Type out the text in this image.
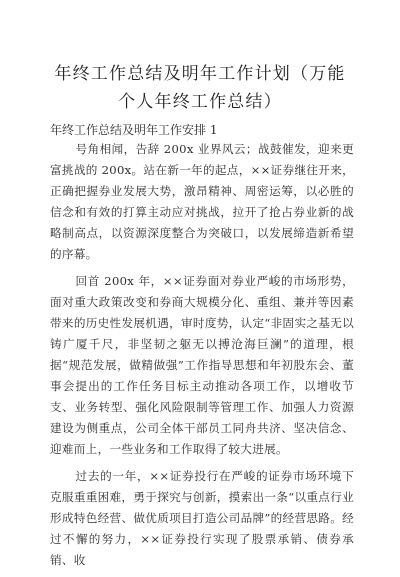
年终工作总结及明年工作计划（万能个人年终工作总结）
年终工作总结及明年工作安排 1

号角相闻，告辞 200x 业界风云；战鼓催发，迎来更富挑战的 200x。站在新一年的起点，××证券继往开来，正确把握券业发展大势，激昂精神、周密运筹，以必胜的信念和有效的打算主动应对挑战，拉开了抢占券业新的战略制高点，以资源深度整合为突破口，以发展缔造新希望的序幕。

回首 200x 年，××证券面对券业严峻的市场形势，面对重大政策改变和券商大规模分化、重组、兼并等因素带来的历史性发展机遇，审时度势，认定“非固实之基无以铸广厦千尺，非坚韧之躯无以搏沧海巨澜”的道理，根据“规范发展，做精做强”工作指导思想和年初股东会、董事会提出的工作任务目标主动推动各项工作，以增收节支、业务转型、强化风险限制等管理工作、加强人力资源建设为侧重点，公司全体干部员工同舟共济、坚决信念、迎难而上，一些业务和工作取得了较大进展。

过去的一年，××证券投行在严峻的证券市场环境下克服重重困难，勇于探究与创新，摸索出一条“以重点行业形成特色经营、做优质项目打造公司品牌”的经营思路。经过不懈的努力，××证券投行实现了股票承销、债券承销、收
